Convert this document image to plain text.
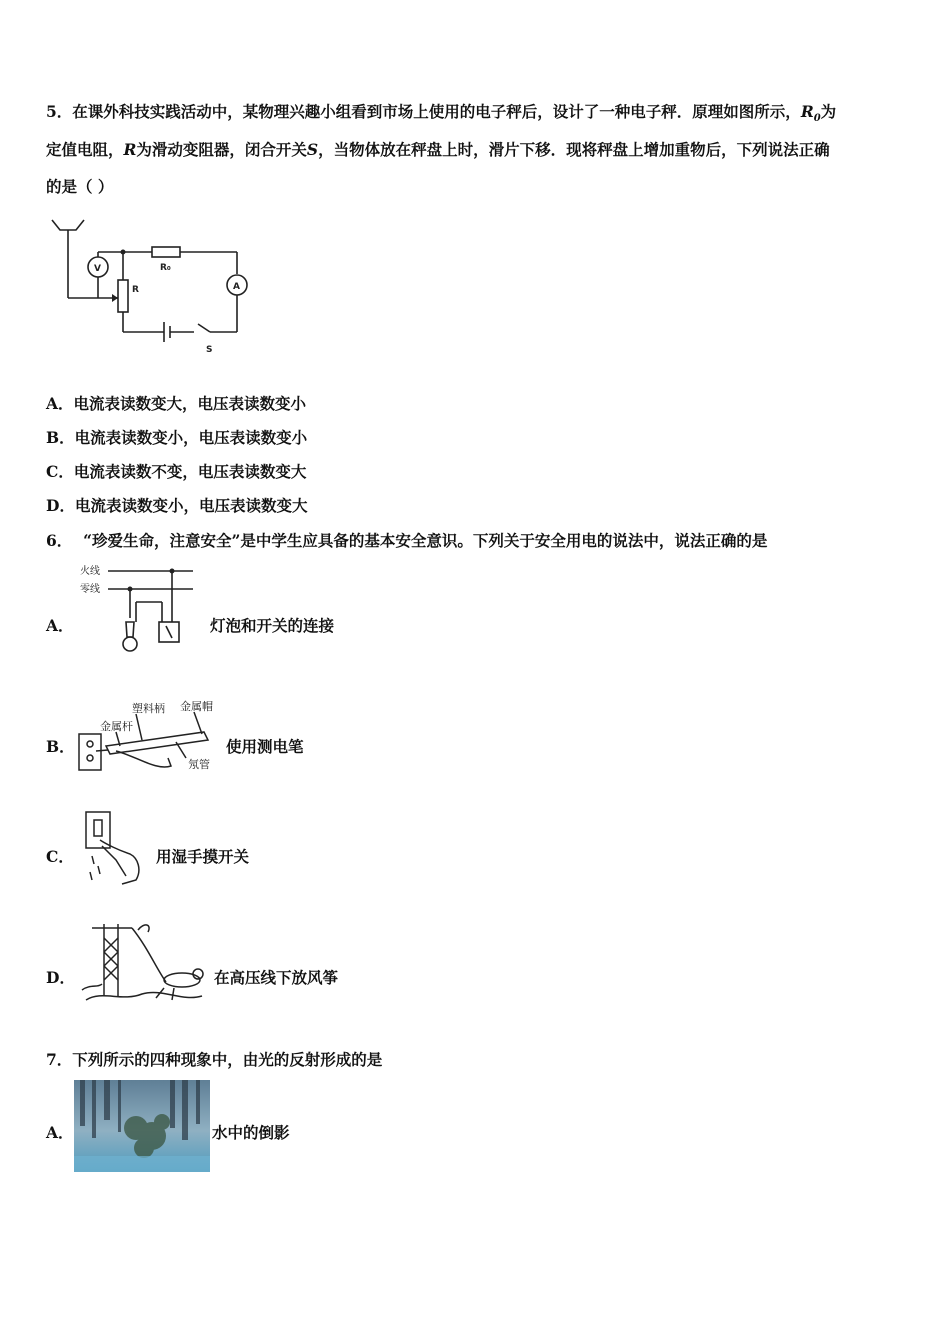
5．在课外科技实践活动中，某物理兴趣小组看到市场上使用的电子秤后，设计了一种电子秤．原理如图所示，$R_0$为
定值电阻，R为滑动变阻器，闭合开关S，当物体放在秤盘上时，滑片下移．现将秤盘上增加重物后，下列说法正确
的是（ ）
V
A
R₀
R
S
A．电流表读数变大，电压表读数变小
B．电流表读数变小，电压表读数变小
C．电流表读数不变，电压表读数变大
D．电流表读数变小，电压表读数变大
6． “珍爱生命，注意安全”是中学生应具备的基本安全意识。下列关于安全用电的说法中，说法正确的是
A．
火线
零线
灯泡和开关的连接
B．
金属杆
塑料柄 金属帽
氖管
使用测电笔
C．	用湿手摸开关
D．	在高压线下放风筝
7．下列所示的四种现象中，由光的反射形成的是
A．	水中的倒影
